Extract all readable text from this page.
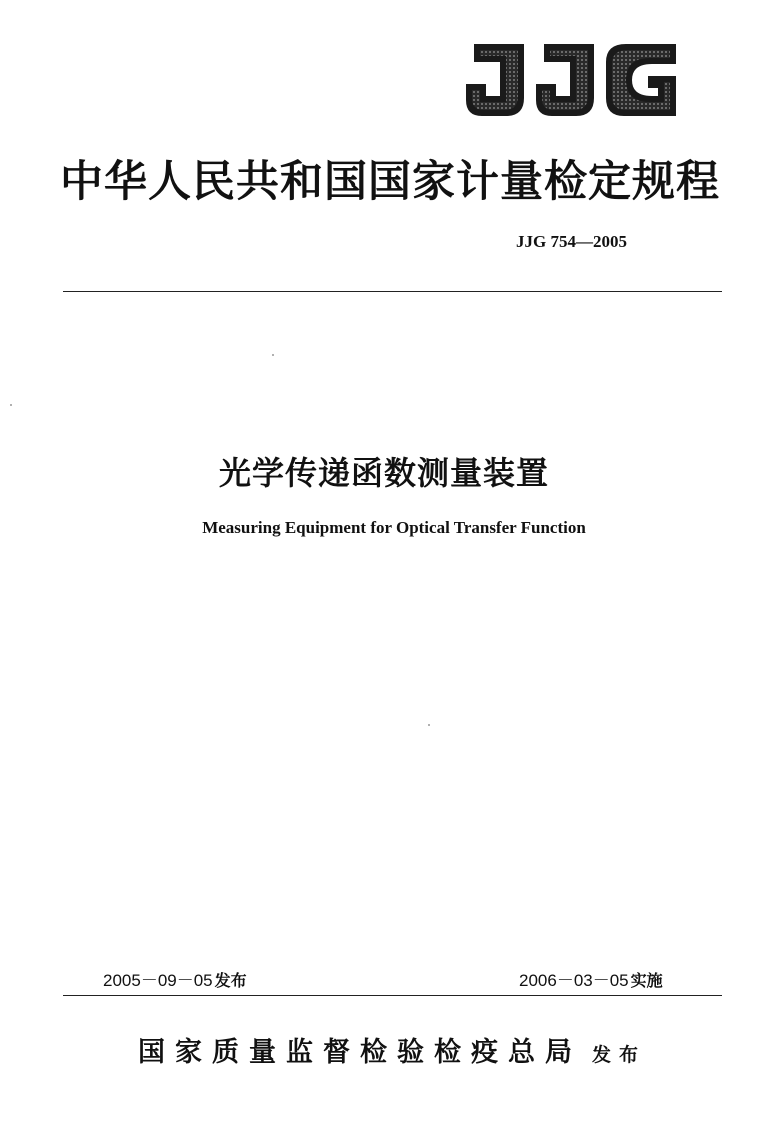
中华人民共和国国家计量检定规程
JJG 754—2005
光学传递函数测量装置
Measuring Equipment for Optical Transfer Function
2005－09－05 发布	2006－03－05 实施
国家质量监督检验检疫总局 发布
